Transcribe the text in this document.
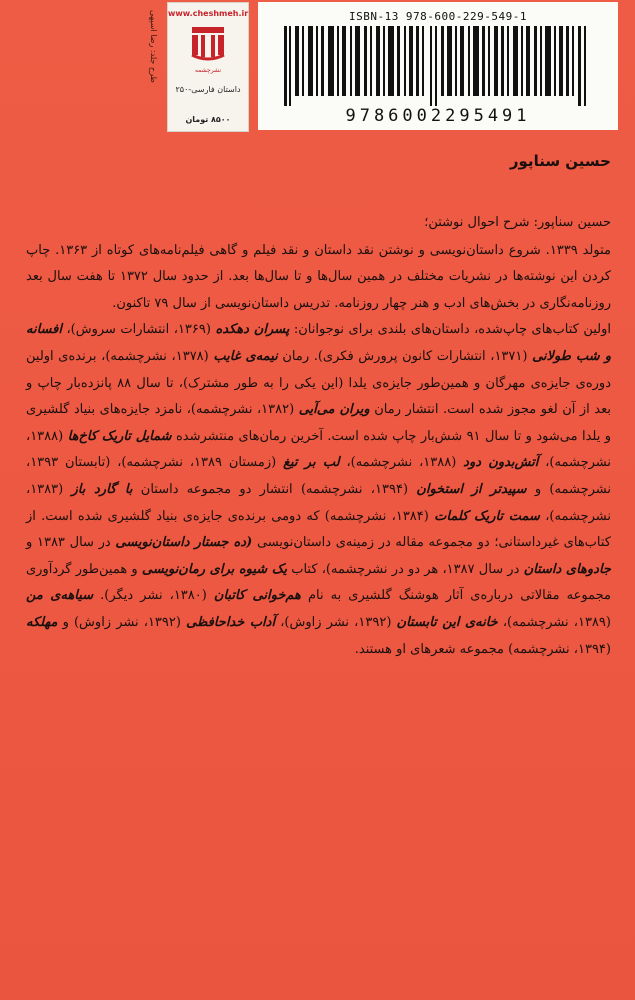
طرح جلد: رضا اسپهی www.cheshmeh.ir
نشرچشمه
داستان فارسی-۲۵۰
۸۵۰۰ تومان
ISBN-13 978-600-229-549-1
9786002295491
حسین سناپور
حسین سناپور: شرح احوال نوشتن؛
متولد ۱۳۳۹. شروع داستان‌نویسی و نوشتن نقد داستان و نقد فیلم و گاهی فیلم‌نامه‌های کوتاه از ۱۳۶۳. چاپ کردن این نوشته‌ها در نشریات مختلف در همین سال‌ها و تا سال‌ها بعد. از حدود سال ۱۳۷۲ تا هفت سال بعد روزنامه‌نگاری در بخش‌های ادب و هنر چهار روزنامه. تدریس داستان‌نویسی از سال ۷۹ تاکنون.
اولین کتاب‌های چاپ‌شده، داستان‌های بلندی برای نوجوانان: پسران دهکده (۱۳۶۹، انتشارات سروش)، افسانه و شب طولانی (۱۳۷۱، انتشارات کانون پرورش فکری). رمان نیمه‌ی غایب (۱۳۷۸، نشرچشمه)، برنده‌ی اولین دوره‌ی جایزه‌ی مهرگان و همین‌طور جایزه‌ی یلدا (این یکی را به طور مشترک)، تا سال ۸۸ پانزده‌بار چاپ و بعد از آن لغو مجوز شده است. انتشار رمان ویران می‌آیی (۱۳۸۲، نشرچشمه)، نامزد جایزه‌های بنیاد گلشیری و یلدا می‌شود و تا سال ۹۱ شش‌بار چاپ شده است. آخرین رمان‌های منتشرشده شمایل تاریک کاخ‌ها (۱۳۸۸، نشرچشمه)، آتش‌بدون دود (۱۳۸۸، نشرچشمه)، لب بر تیغ (زمستان ۱۳۸۹، نشرچشمه)، (تابستان ۱۳۹۳، نشرچشمه) و سپیدتر از استخوان (۱۳۹۴، نشرچشمه) انتشار دو مجموعه داستان با گارد باز (۱۳۸۳، نشرچشمه)، سمت تاریک کلمات (۱۳۸۴، نشرچشمه) که دومی برنده‌ی جایزه‌ی بنیاد گلشیری شده است. از کتاب‌های غیرداستانی؛ دو مجموعه مقاله در زمینه‌ی داستان‌نویسی (ده جستار داستان‌نویسی در سال ۱۳۸۳ و جادوهای داستان در سال ۱۳۸۷، هر دو در نشرچشمه)، کتاب یک شیوه برای رمان‌نویسی و همین‌طور گردآوری مجموعه مقالاتی درباره‌ی آثار هوشنگ گلشیری به نام هم‌خوانی کاتبان (۱۳۸۰، نشر دیگر). سیاهه‌ی من (۱۳۸۹، نشرچشمه)، خانه‌ی این تابستان (۱۳۹۲، نشر زاوش)، آداب خداحافظی (۱۳۹۲، نشر زاوش) و مهلکه (۱۳۹۴، نشرچشمه) مجموعه شعرهای او هستند.
